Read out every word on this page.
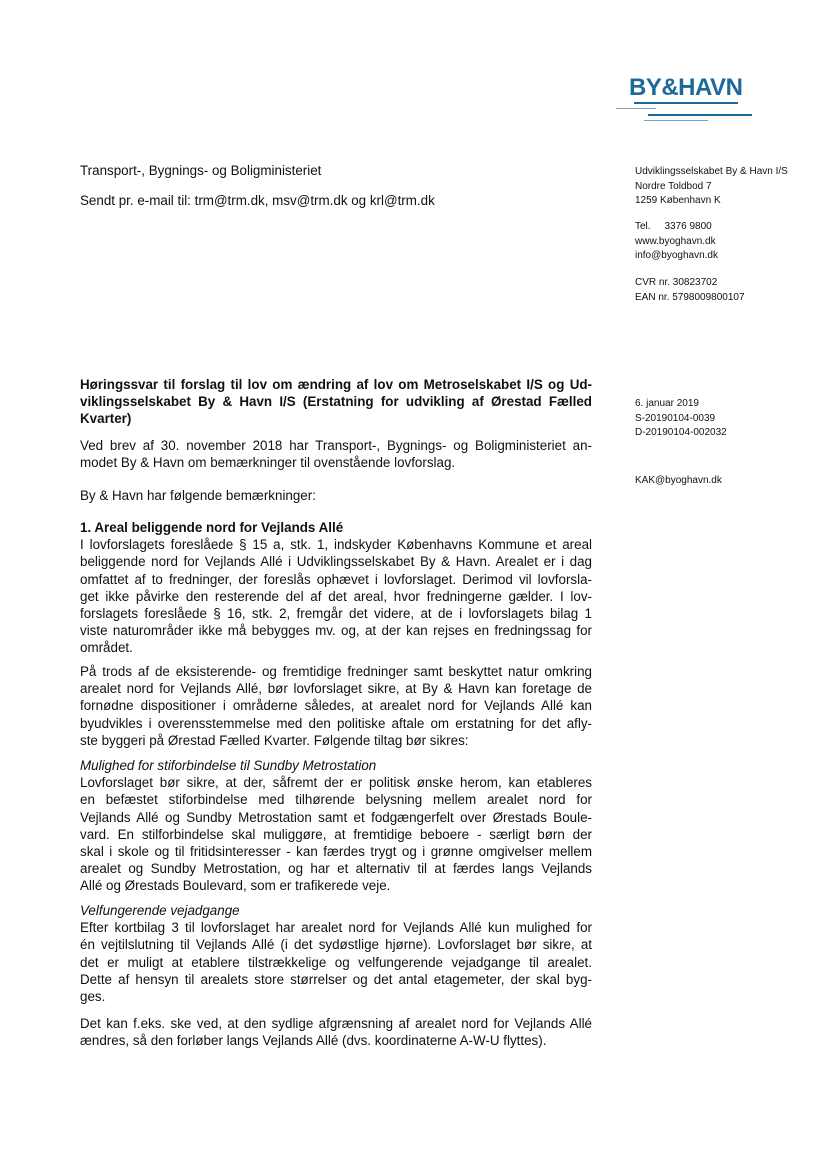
BY&HAVN
Transport-, Bygnings- og Boligministeriet
Sendt pr. e-mail til: trm@trm.dk, msv@trm.dk og krl@trm.dk
Udviklingsselskabet By & Havn I/S
Nordre Toldbod 7
1259 København K
Tel.     3376 9800
www.byoghavn.dk
info@byoghavn.dk
CVR nr. 30823702
EAN nr. 5798009800107
6. januar 2019
S-20190104-0039
D-20190104-002032
KAK@byoghavn.dk
Høringssvar til forslag til lov om ændring af lov om Metroselskabet I/S og Ud-
viklingsselskabet By & Havn I/S (Erstatning for udvikling af Ørestad Fælled
Kvarter)
Ved brev af 30. november 2018 har Transport-, Bygnings- og Boligministeriet an-
modet By & Havn om bemærkninger til ovenstående lovforslag.
By & Havn har følgende bemærkninger:
1. Areal beliggende nord for Vejlands Allé
I lovforslagets foreslåede § 15 a, stk. 1, indskyder Københavns Kommune et areal
beliggende nord for Vejlands Allé i Udviklingsselskabet By & Havn. Arealet er i dag
omfattet af to fredninger, der foreslås ophævet i lovforslaget. Derimod vil lovforsla-
get ikke påvirke den resterende del af det areal, hvor fredningerne gælder. I lov-
forslagets foreslåede § 16, stk. 2, fremgår det videre, at de i lovforslagets bilag 1
viste naturområder ikke må bebygges mv. og, at der kan rejses en fredningssag for
området.
På trods af de eksisterende- og fremtidige fredninger samt beskyttet natur omkring
arealet nord for Vejlands Allé, bør lovforslaget sikre, at By & Havn kan foretage de
fornødne dispositioner i områderne således, at arealet nord for Vejlands Allé kan
byudvikles i overensstemmelse med den politiske aftale om erstatning for det afly-
ste byggeri på Ørestad Fælled Kvarter. Følgende tiltag bør sikres:
Mulighed for stiforbindelse til Sundby Metrostation
Lovforslaget bør sikre, at der, såfremt der er politisk ønske herom, kan etableres
en befæstet stiforbindelse med tilhørende belysning mellem arealet nord for
Vejlands Allé og Sundby Metrostation samt et fodgængerfelt over Ørestads Boule-
vard. En stilforbindelse skal muliggøre, at fremtidige beboere - særligt børn der
skal i skole og til fritidsinteresser - kan færdes trygt og i grønne omgivelser mellem
arealet og Sundby Metrostation, og har et alternativ til at færdes langs Vejlands
Allé og Ørestads Boulevard, som er trafikerede veje.
Velfungerende vejadgange
Efter kortbilag 3 til lovforslaget har arealet nord for Vejlands Allé kun mulighed for
én vejtilslutning til Vejlands Allé (i det sydøstlige hjørne). Lovforslaget bør sikre, at
det er muligt at etablere tilstrækkelige og velfungerende vejadgange til arealet.
Dette af hensyn til arealets store størrelser og det antal etagemeter, der skal byg-
ges.
Det kan f.eks. ske ved, at den sydlige afgrænsning af arealet nord for Vejlands Allé
ændres, så den forløber langs Vejlands Allé (dvs. koordinaterne A-W-U flyttes).
